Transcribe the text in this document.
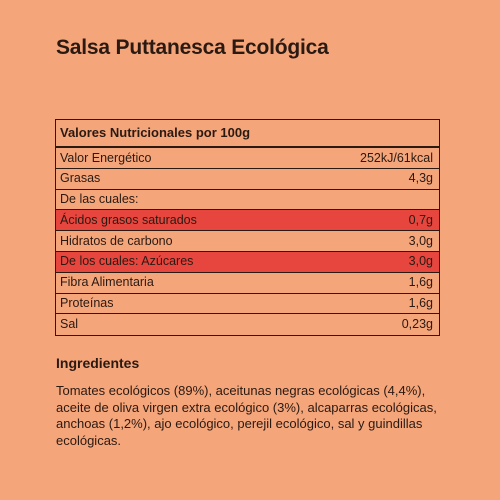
Salsa Puttanesca Ecológica
Valores Nutricionales por 100g
Valor Energético	252kJ/61kcal
Grasas	4,3g
De las cuales:
Ácidos grasos saturados	0,7g
Hidratos de carbono	3,0g
De los cuales: Azúcares	3,0g
Fibra Alimentaria	1,6g
Proteínas	1,6g
Sal	0,23g
Ingredientes
Tomates ecológicos (89%), aceitunas negras ecológicas (4,4%), aceite de oliva virgen extra ecológico (3%), alcaparras ecológicas, anchoas (1,2%), ajo ecológico, perejil ecológico, sal y guindillas ecológicas.
